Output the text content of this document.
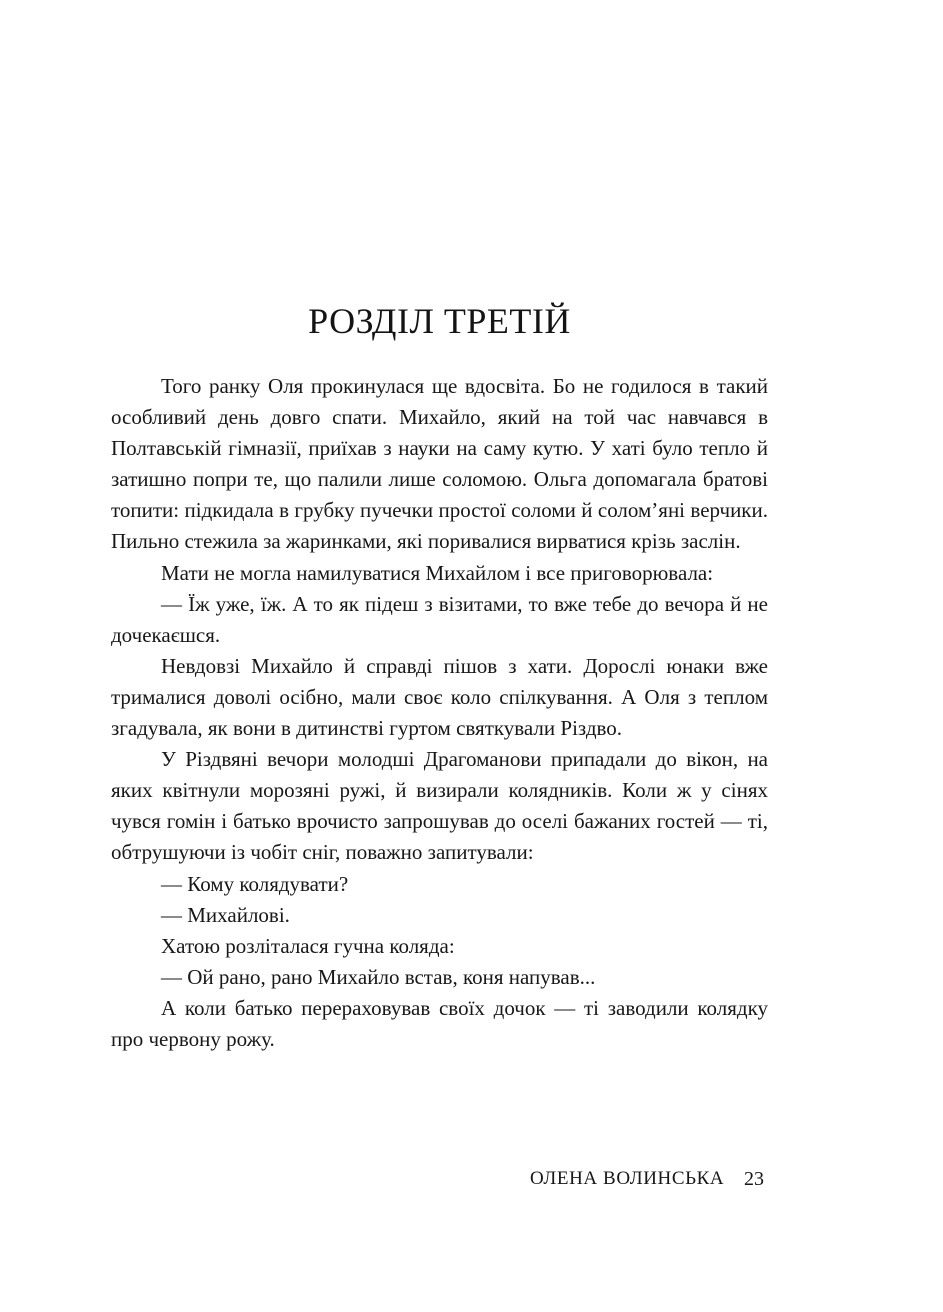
РОЗДІЛ ТРЕТІЙ

Того ранку Оля прокинулася ще вдосвіта. Бо не годилося в такий особливий день довго спати. Михайло, який на той час навчався в Полтавській гімназії, приїхав з науки на саму кутю. У хаті було тепло й затишно попри те, що палили лише соломою. Ольга допомагала братові топити: підкидала в грубку пучечки простої соломи й солом’яні верчики. Пильно стежила за жаринками, які поривалися вирватися крізь заслін.

Мати не могла намилуватися Михайлом і все приговорювала:

— Їж уже, їж. А то як підеш з візитами, то вже тебе до вечора й не дочекаєшся.

Невдовзі Михайло й справді пішов з хати. Дорослі юнаки вже трималися доволі осібно, мали своє коло спілкування. А Оля з теплом згадувала, як вони в дитинстві гуртом святкували Різдво.

У Різдвяні вечори молодші Драгоманови припадали до вікон, на яких квітнули морозяні ружі, й визирали колядників. Коли ж у сінях чувся гомін і батько врочисто запрошував до оселі бажаних гостей — ті, обтрушуючи із чобіт сніг, поважно запитували:

— Кому колядувати?

— Михайлові.

Хатою розліталася гучна коляда:

— Ой рано, рано Михайло встав, коня напував...

А коли батько перераховував своїх дочок — ті заводили колядку про червону рожу.

ОЛЕНА ВОЛИНСЬКА 23
